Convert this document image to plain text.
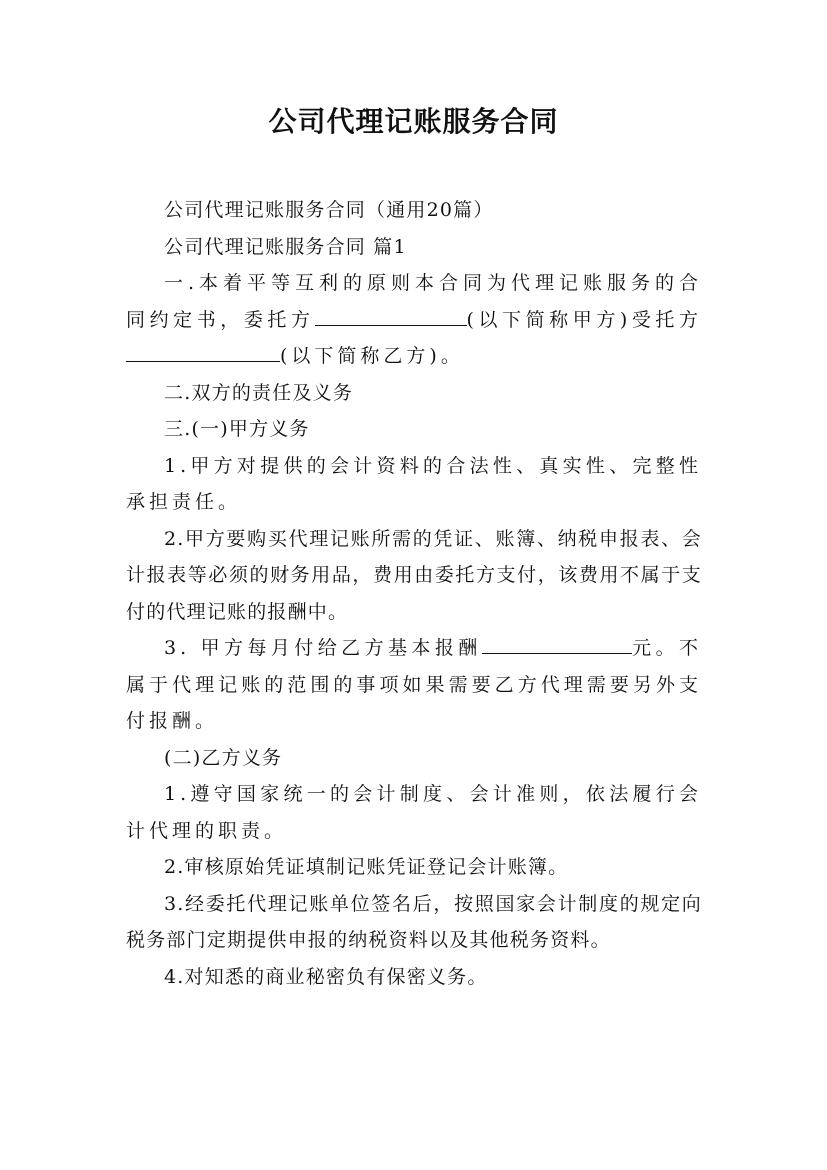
公司代理记账服务合同

公司代理记账服务合同（通用20篇）

公司代理记账服务合同 篇1

一.本着平等互利的原则本合同为代理记账服务的合同约定书，委托方	(以下简称甲方)受托方(以下简称乙方)。

二.双方的责任及义务

三.(一)甲方义务

1.甲方对提供的会计资料的合法性、真实性、完整性承担责任。

2.甲方要购买代理记账所需的凭证、账簿、纳税申报表、会计报表等必须的财务用品，费用由委托方支付，该费用不属于支付的代理记账的报酬中。

3. 甲方每月付给乙方基本报酬	元。不属于代理记账的范围的事项如果需要乙方代理需要另外支付报酬。

(二)乙方义务

1.遵守国家统一的会计制度、会计准则，依法履行会计代理的职责。

2.审核原始凭证填制记账凭证登记会计账簿。

3.经委托代理记账单位签名后，按照国家会计制度的规定向税务部门定期提供申报的纳税资料以及其他税务资料。

4.对知悉的商业秘密负有保密义务。
